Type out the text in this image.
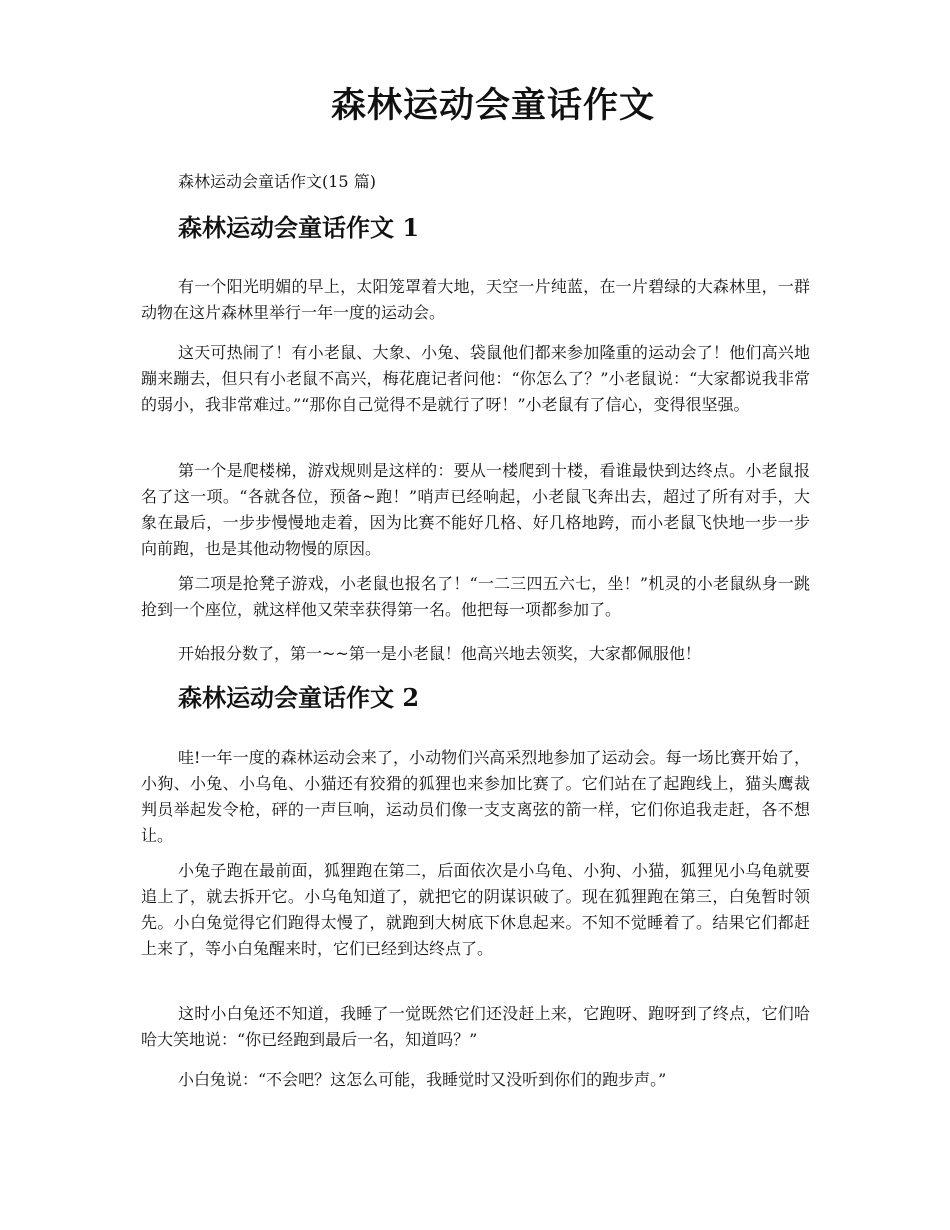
森林运动会童话作文
森林运动会童话作文(15 篇)
森林运动会童话作文 1

有一个阳光明媚的早上，太阳笼罩着大地，天空一片纯蓝，在一片碧绿的大森林里，一群动物在这片森林里举行一年一度的运动会。

这天可热闹了！有小老鼠、大象、小兔、袋鼠他们都来参加隆重的运动会了！他们高兴地蹦来蹦去，但只有小老鼠不高兴，梅花鹿记者问他：“你怎么了？”小老鼠说：“大家都说我非常的弱小，我非常难过。”“那你自己觉得不是就行了呀！”小老鼠有了信心，变得很坚强。

第一个是爬楼梯，游戏规则是这样的：要从一楼爬到十楼，看谁最快到达终点。小老鼠报名了这一项。“各就各位，预备~跑！”哨声已经响起，小老鼠飞奔出去，超过了所有对手，大象在最后，一步步慢慢地走着，因为比赛不能好几格、好几格地跨，而小老鼠飞快地一步一步向前跑，也是其他动物慢的原因。

第二项是抢凳子游戏，小老鼠也报名了！“一二三四五六七，坐！”机灵的小老鼠纵身一跳抢到一个座位，就这样他又荣幸获得第一名。他把每一项都参加了。

开始报分数了，第一~~第一是小老鼠！他高兴地去领奖，大家都佩服他！

森林运动会童话作文 2

哇!一年一度的森林运动会来了，小动物们兴高采烈地参加了运动会。每一场比赛开始了，小狗、小兔、小乌龟、小猫还有狡猾的狐狸也来参加比赛了。它们站在了起跑线上，猫头鹰裁判员举起发令枪，砰的一声巨响，运动员们像一支支离弦的箭一样，它们你追我走赶，各不想让。

小兔子跑在最前面，狐狸跑在第二，后面依次是小乌龟、小狗、小猫，狐狸见小乌龟就要追上了，就去拆开它。小乌龟知道了，就把它的阴谋识破了。现在狐狸跑在第三，白兔暂时领先。小白兔觉得它们跑得太慢了，就跑到大树底下休息起来。不知不觉睡着了。结果它们都赶上来了，等小白兔醒来时，它们已经到达终点了。

这时小白兔还不知道，我睡了一觉既然它们还没赶上来，它跑呀、跑呀到了终点，它们哈哈大笑地说：“你已经跑到最后一名，知道吗？”

小白兔说：“不会吧？这怎么可能，我睡觉时又没听到你们的跑步声。”
